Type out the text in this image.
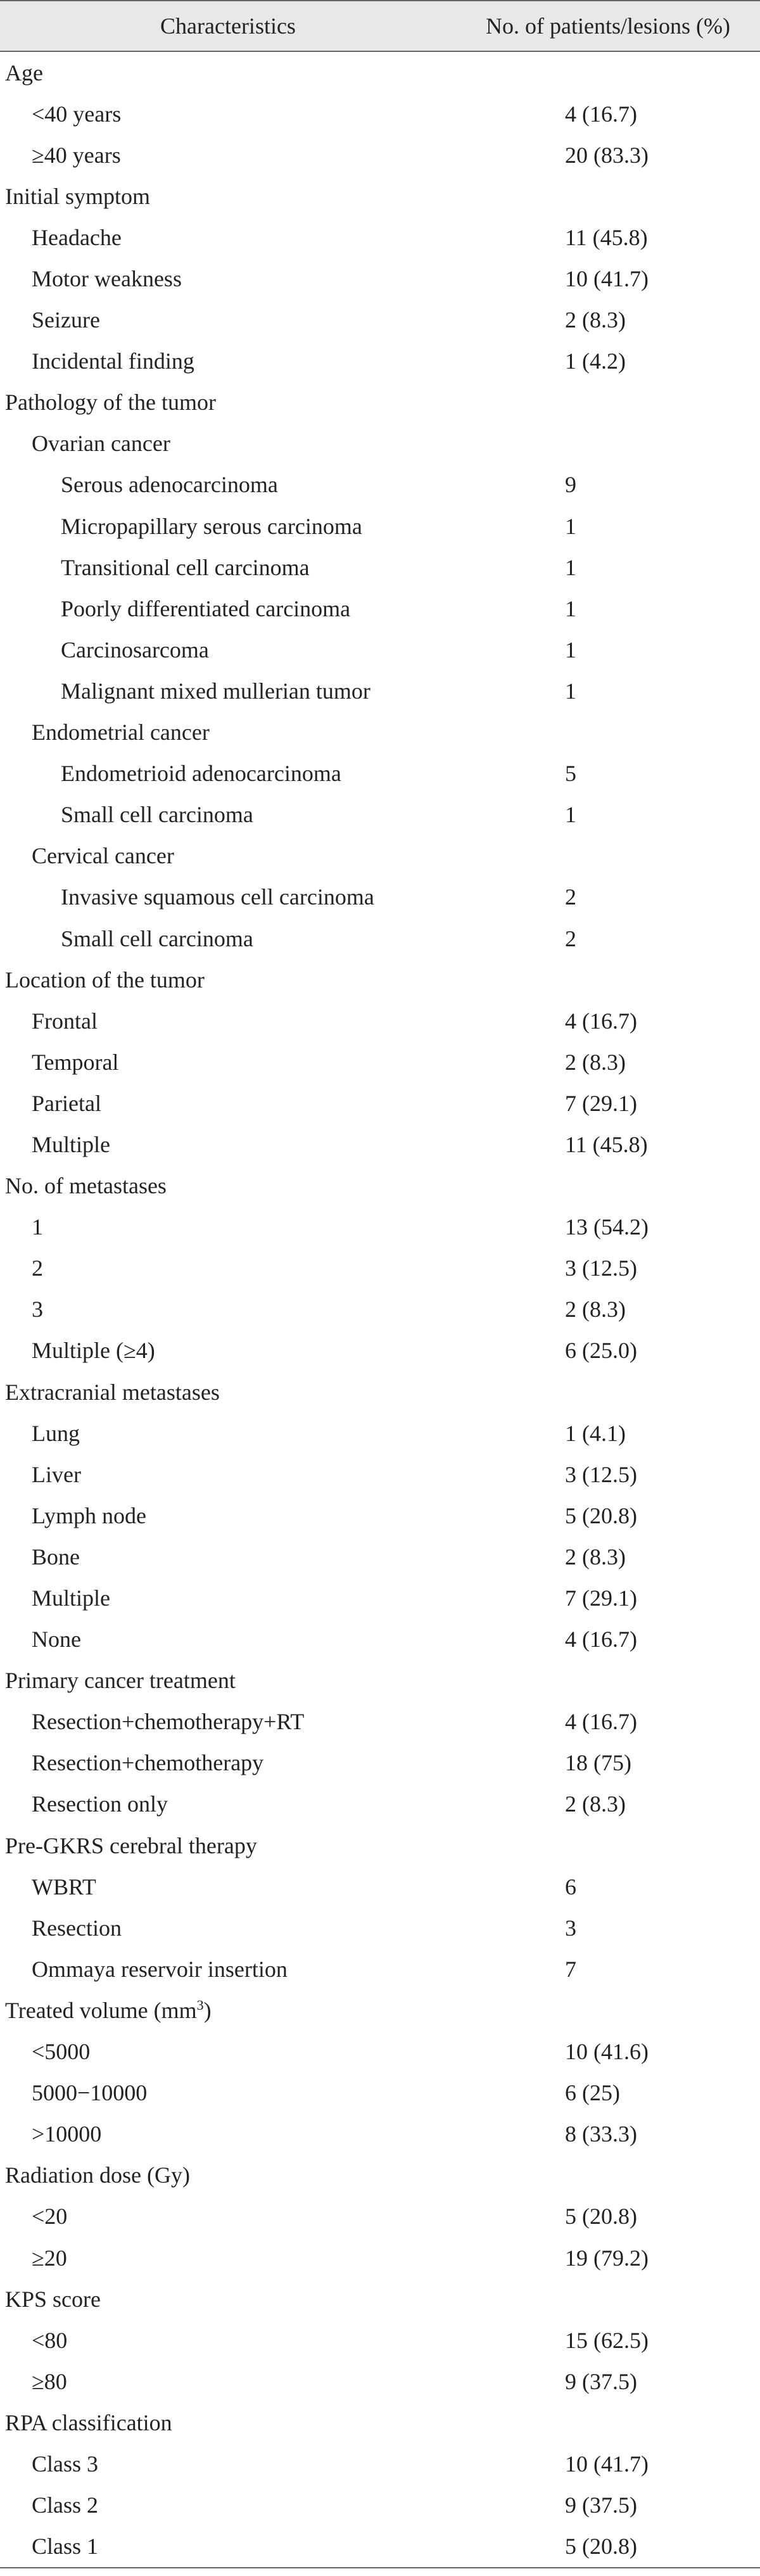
Characteristics	No. of patients/lesions (%)
Age	
<40 years	4 (16.7)
≥40 years	20 (83.3)
Initial symptom	
Headache	11 (45.8)
Motor weakness	10 (41.7)
Seizure	2 (8.3)
Incidental finding	1 (4.2)
Pathology of the tumor	
Ovarian cancer	
Serous adenocarcinoma	9
Micropapillary serous carcinoma	1
Transitional cell carcinoma	1
Poorly differentiated carcinoma	1
Carcinosarcoma	1
Malignant mixed mullerian tumor	1
Endometrial cancer	
Endometrioid adenocarcinoma	5
Small cell carcinoma	1
Cervical cancer	
Invasive squamous cell carcinoma	2
Small cell carcinoma	2
Location of the tumor	
Frontal	4 (16.7)
Temporal	2 (8.3)
Parietal	7 (29.1)
Multiple	11 (45.8)
No. of metastases	
1	13 (54.2)
2	3 (12.5)
3	2 (8.3)
Multiple (≥4)	6 (25.0)
Extracranial metastases	
Lung	1 (4.1)
Liver	3 (12.5)
Lymph node	5 (20.8)
Bone	2 (8.3)
Multiple	7 (29.1)
None	4 (16.7)
Primary cancer treatment	
Resection+chemotherapy+RT	4 (16.7)
Resection+chemotherapy	18 (75)
Resection only	2 (8.3)
Pre-GKRS cerebral therapy	
WBRT	6
Resection	3
Ommaya reservoir insertion	7
Treated volume $(mm^3)$	
<5000	10 (41.6)
5000−10000	6 (25)
>10000	8 (33.3)
Radiation dose (Gy)	
<20	5 (20.8)
≥20	19 (79.2)
KPS score	
<80	15 (62.5)
≥80	9 (37.5)
RPA classification	
Class 3	10 (41.7)
Class 2	9 (37.5)
Class 1	5 (20.8)
